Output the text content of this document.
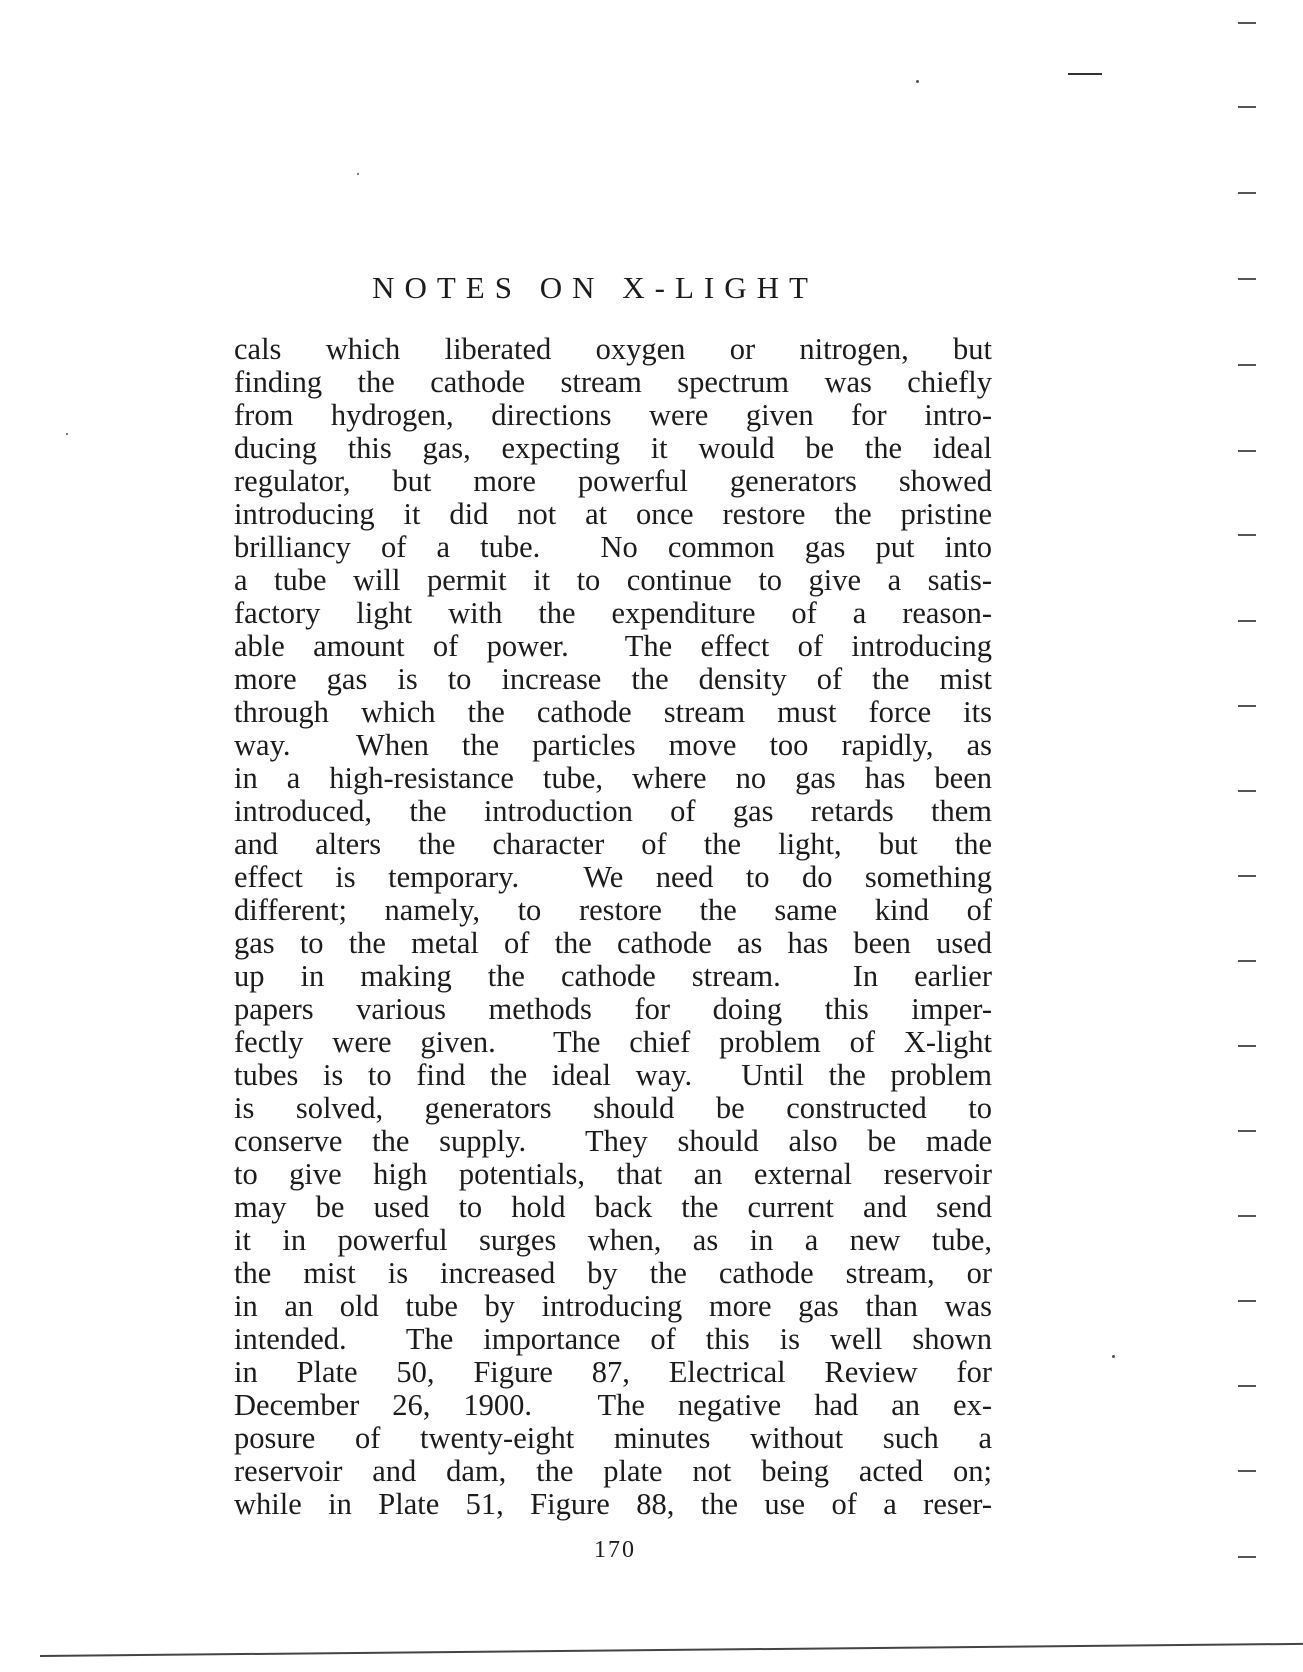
NOTES ON X-LIGHT
cals which liberated oxygen or nitrogen, but
finding the cathode stream spectrum was chiefly
from hydrogen, directions were given for intro-
ducing this gas, expecting it would be the ideal
regulator, but more powerful generators showed
introducing it did not at once restore the pristine
brilliancy of a tube.  No common gas put into
a tube will permit it to continue to give a satis-
factory light with the expenditure of a reason-
able amount of power.  The effect of introducing
more gas is to increase the density of the mist
through which the cathode stream must force its
way.  When the particles move too rapidly, as
in a high-resistance tube, where no gas has been
introduced, the introduction of gas retards them
and alters the character of the light, but the
effect is temporary.  We need to do something
different; namely, to restore the same kind of
gas to the metal of the cathode as has been used
up in making the cathode stream.  In earlier
papers various methods for doing this imper-
fectly were given.  The chief problem of X-light
tubes is to find the ideal way.  Until the problem
is solved, generators should be constructed to
conserve the supply.  They should also be made
to give high potentials, that an external reservoir
may be used to hold back the current and send
it in powerful surges when, as in a new tube,
the mist is increased by the cathode stream, or
in an old tube by introducing more gas than was
intended.  The importance of this is well shown
in Plate 50, Figure 87, Electrical Review for
December 26, 1900.  The negative had an ex-
posure of twenty-eight minutes without such a
reservoir and dam, the plate not being acted on;
while in Plate 51, Figure 88, the use of a reser-
170
